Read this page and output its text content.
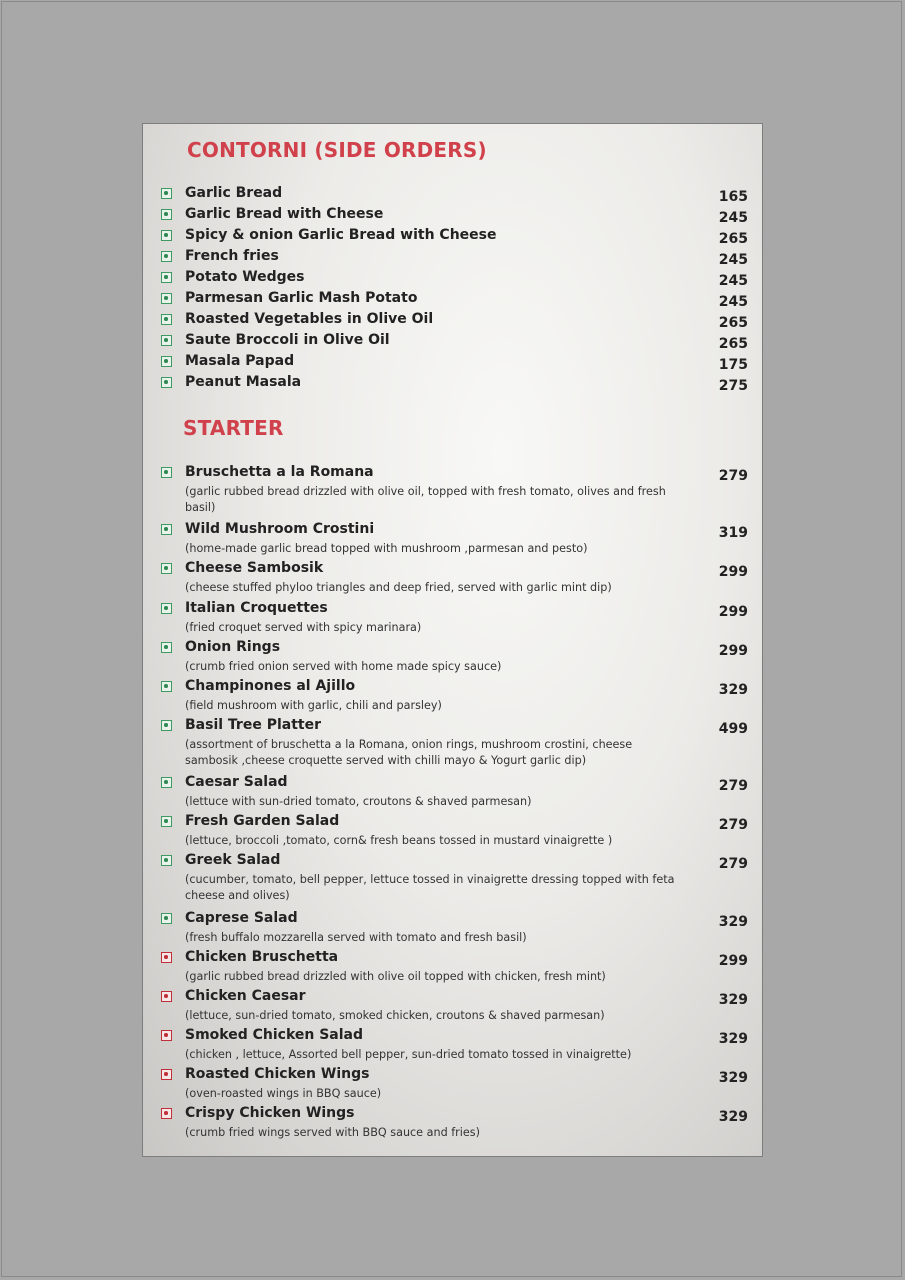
CONTORNI (SIDE ORDERS)
Garlic Bread	165
Garlic Bread with Cheese	245
Spicy & onion Garlic Bread with Cheese	265
French fries	245
Potato Wedges	245
Parmesan Garlic Mash Potato	245
Roasted Vegetables in Olive Oil	265
Saute Broccoli in Olive Oil	265
Masala Papad	175
Peanut Masala	275
STARTER
Bruschetta a la Romana	279
(garlic rubbed bread drizzled with olive oil, topped with fresh tomato, olives and fresh basil)
Wild Mushroom Crostini	319
(home-made garlic bread topped with mushroom ,parmesan and pesto)
Cheese Sambosik	299
(cheese stuffed phyloo triangles and deep fried, served with garlic mint dip)
Italian Croquettes	299
(fried croquet served with spicy marinara)
Onion Rings	299
(crumb fried onion served with home made spicy sauce)
Champinones al Ajillo	329
(field mushroom with garlic, chili and parsley)
Basil Tree Platter	499
(assortment of bruschetta a la Romana, onion rings, mushroom crostini, cheese sambosik ,cheese croquette served with chilli mayo & Yogurt garlic dip)
Caesar Salad	279
(lettuce with sun-dried tomato, croutons & shaved parmesan)
Fresh Garden Salad	279
(lettuce, broccoli ,tomato, corn& fresh beans tossed in mustard vinaigrette )
Greek Salad	279
(cucumber, tomato, bell pepper, lettuce tossed in vinaigrette dressing topped with feta cheese and olives)
Caprese Salad	329
(fresh buffalo mozzarella served with tomato and fresh basil)
Chicken Bruschetta	299
(garlic rubbed bread drizzled with olive oil topped with chicken, fresh mint)
Chicken Caesar	329
(lettuce, sun-dried tomato, smoked chicken, croutons & shaved parmesan)
Smoked Chicken Salad	329
(chicken , lettuce, Assorted bell pepper, sun-dried tomato tossed in vinaigrette)
Roasted Chicken Wings	329
(oven-roasted wings in BBQ sauce)
Crispy Chicken Wings	329
(crumb fried wings served with BBQ sauce and fries)
